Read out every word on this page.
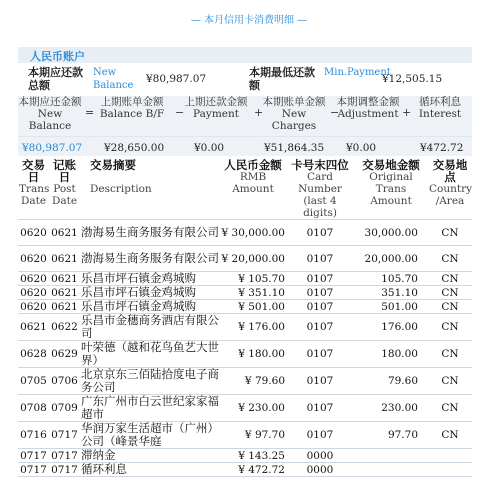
— 本月信用卡消费明细 —
人民币账户
本期应还款总额
New Balance
¥80,987.07	本期最低还款额
Min.Payment
¥12,505.15
本期应还金额
New Balance
=
上期账单金额
Balance B/F −
上期还款金额
Payment	+
本期账单金额
New Charges
−
本期调整金额
Adjustment +
循环利息
Interest
¥80,987.07 ¥28,650.00	¥0.00	¥51,864.35 ¥0.00	¥472.72
交易日
Trans Date	记账日
Post Date	交易摘要
Description	人民币金额
RMB Amount	卡号末四位
Card Number (last 4 digits)	交易地金额
Original Trans Amount	交易地点
Country /Area

0620	0621	渤海易生商务服务有限公司	¥ 30,000.00	0107	30,000.00	CN
0620	0621	渤海易生商务服务有限公司	¥ 20,000.00	0107	20,000.00	CN
0620	0621	乐昌市坪石镇金鸡城购	¥ 105.70	0107	105.70	CN
0620	0621	乐昌市坪石镇金鸡城购	¥ 351.10	0107	351.10	CN
0620	0621	乐昌市坪石镇金鸡城购	¥ 501.00	0107	501.00	CN
0621	0622	乐昌市金穗商务酒店有限公司	¥ 176.00	0107	176.00	CN
0628	0629	叶荣德（越和花鸟鱼艺大世界）	¥ 180.00	0107	180.00	CN
0705	0706	北京京东三佰陆拾度电子商务公司	¥ 79.60	0107	79.60	CN
0708	0709	广东广州市白云世纪家家福超市	¥ 230.00	0107	230.00	CN
0716	0717	华润万家生活超市（广州）公司（峰景华庭	¥ 97.70	0107	97.70	CN
0717	0717	滞纳金	¥ 143.25	0000		
0717	0717	循环利息	¥ 472.72	0000		
